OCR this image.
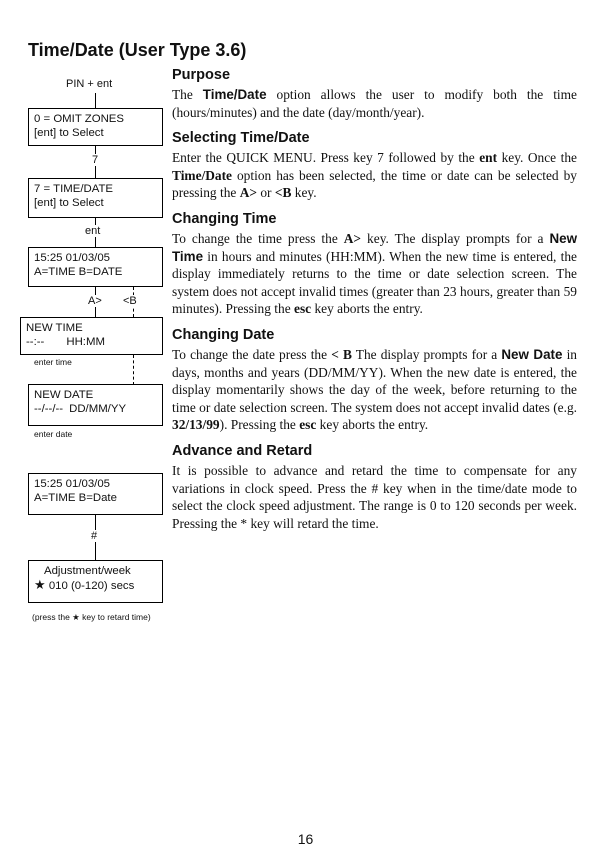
Time/Date (User Type 3.6)
PIN + ent
0 = OMIT ZONES
[ent] to Select
7
7 = TIME/DATE
[ent] to Select
ent
15:25 01/03/05
A=TIME B=DATE
A> <B
NEW TIME
--:-- HH:MM
enter time
NEW DATE
--/--/-- DD/MM/YY
enter date
15:25 01/03/05
A=TIME B=Date
#
Adjustment/week
★ 010 (0-120) secs
(press the ★ key to retard time)
Purpose

The Time/Date option allows the user to modify both the time (hours/minutes) and the date (day/month/year).

Selecting Time/Date

Enter the QUICK MENU. Press key 7 followed by the ent key. Once the Time/Date option has been selected, the time or date can be selected by pressing the A> or <B key.

Changing Time

To change the time press the A> key. The display prompts for a New Time in hours and minutes (HH:MM). When the new time is entered, the display immediately returns to the time or date selection screen. The system does not accept invalid times (greater than 23 hours, greater than 59 minutes). Pressing the esc key aborts the entry.

Changing Date

To change the date press the < B The display prompts for a New Date in days, months and years (DD/MM/YY). When the new date is entered, the display momentarily shows the day of the week, before returning to the time or date selection screen. The system does not accept invalid dates (e.g. 32/13/99). Pressing the esc key aborts the entry.

Advance and Retard

It is possible to advance and retard the time to compensate for any variations in clock speed. Press the # key when in the time/date mode to select the clock speed adjustment. The range is 0 to 120 seconds per week. Pressing the * key will retard the time.

16
